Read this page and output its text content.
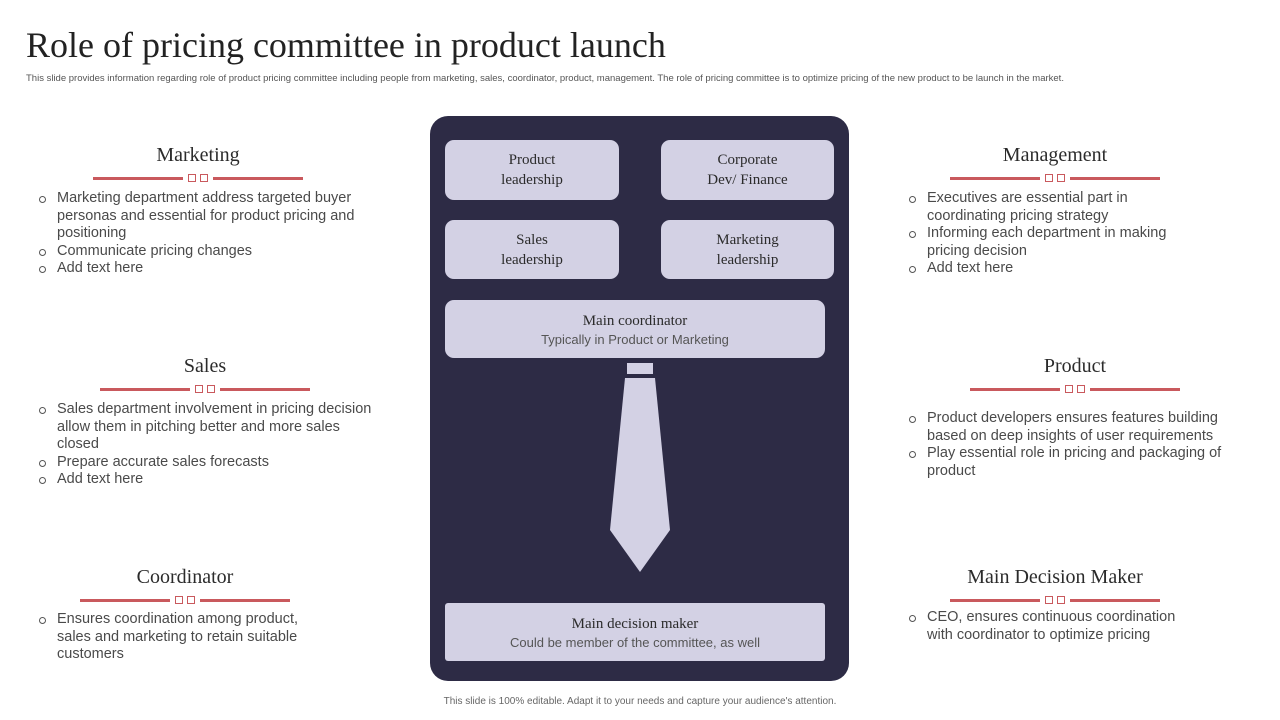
Role of pricing committee in product launch
This slide provides information regarding role of product pricing committee including people from marketing, sales, coordinator, product, management. The role of pricing committee is to optimize pricing of the new product to be launch in the market.
Marketing
Marketing department address targeted buyer personas and essential for product pricing and positioning
Communicate pricing changes
Add text here
Sales
Sales department involvement in pricing decision allow them in pitching better and more sales closed
Prepare accurate sales forecasts
Add text here
Coordinator
Ensures coordination among product, sales and marketing to retain suitable customers
Management
Executives are essential part in coordinating pricing strategy
Informing each department in making pricing decision
Add text here
Product
Product developers ensures features building based on deep insights of user requirements
Play essential role in pricing and packaging of product
Main Decision Maker
CEO, ensures continuous coordination with coordinator to optimize pricing
Product
leadership
Corporate
Dev/ Finance
Sales
leadership
Marketing
leadership
Main coordinator
Typically in Product or Marketing
Main decision maker
Could be member of the committee, as well
This slide is 100% editable. Adapt it to your needs and capture your audience's attention.
